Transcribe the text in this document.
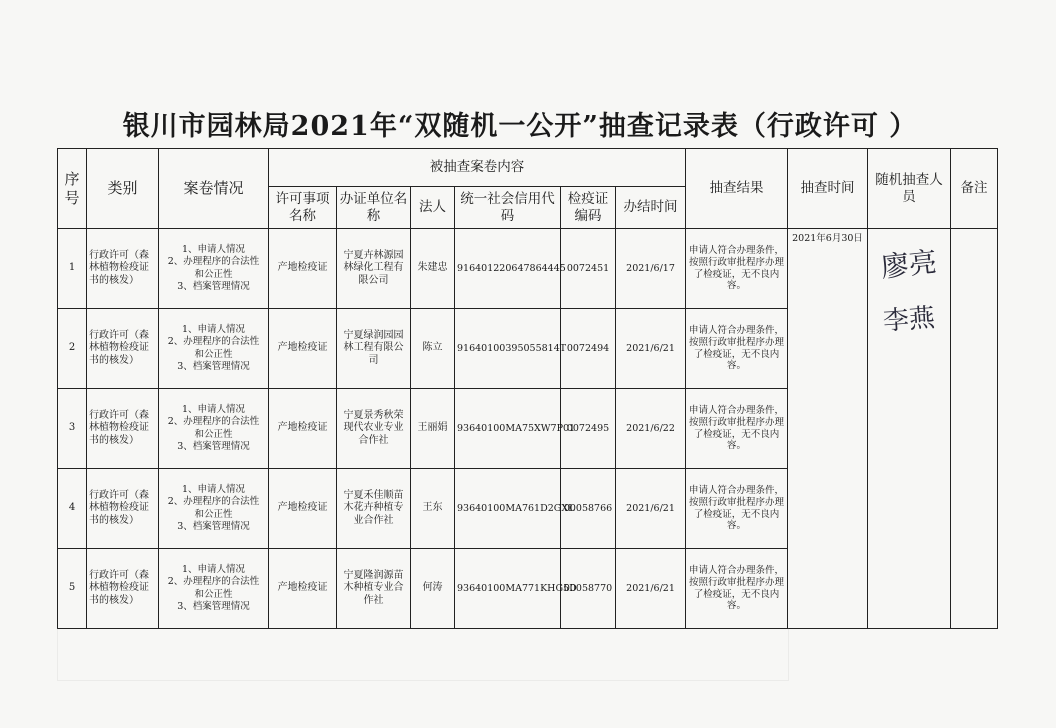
银川市园林局2021年“双随机一公开”抽查记录表（行政许可 ）
序号	类别	案卷情况	被抽查案卷内容						抽查结果	抽查时间	随机抽查人员	备注
			许可事项名称	办证单位名称	法人	统一社会信用代码	检疫证编码	办结时间				
1	行政许可（森林植物检疫证书的核发）	1、申请人情况
2、办理程序的合法性
和公正性
3、档案管理情况	产地检疫证	宁夏卉林源园林绿化工程有限公司	朱建忠	916401220647864445	0072451	2021/6/17	申请人符合办理条件，按照行政审批程序办理了检疫证，无不良内容。	2021年6月30日	廖亮
李燕	

2	行政许可（森林植物检疫证书的核发）	1、申请人情况
2、办理程序的合法性
和公正性
3、档案管理情况	产地检疫证	宁夏绿润园园林工程有限公司	陈立	91640100395055814T	0072494	2021/6/21	申请人符合办理条件，按照行政审批程序办理了检疫证，无不良内容。			
3	行政许可（森林植物检疫证书的核发）	1、申请人情况
2、办理程序的合法性
和公正性
3、档案管理情况	产地检疫证	宁夏景秀秋荣现代农业专业合作社	王丽娟	93640100MA75XW7P01	0072495	2021/6/22	申请人符合办理条件，按照行政审批程序办理了检疫证，无不良内容。			
4	行政许可（森林植物检疫证书的核发）	1、申请人情况
2、办理程序的合法性
和公正性
3、档案管理情况	产地检疫证	宁夏禾佳顺苗木花卉种植专业合作社	王东	93640100MA761D2GXL	00058766	2021/6/21	申请人符合办理条件，按照行政审批程序办理了检疫证，无不良内容。			
5	行政许可（森林植物检疫证书的核发）	1、申请人情况
2、办理程序的合法性
和公正性
3、档案管理情况	产地检疫证	宁夏隆润源苗木种植专业合作社	何涛	93640100MA771KHG5D	00058770	2021/6/21	申请人符合办理条件，按照行政审批程序办理了检疫证，无不良内容。			
